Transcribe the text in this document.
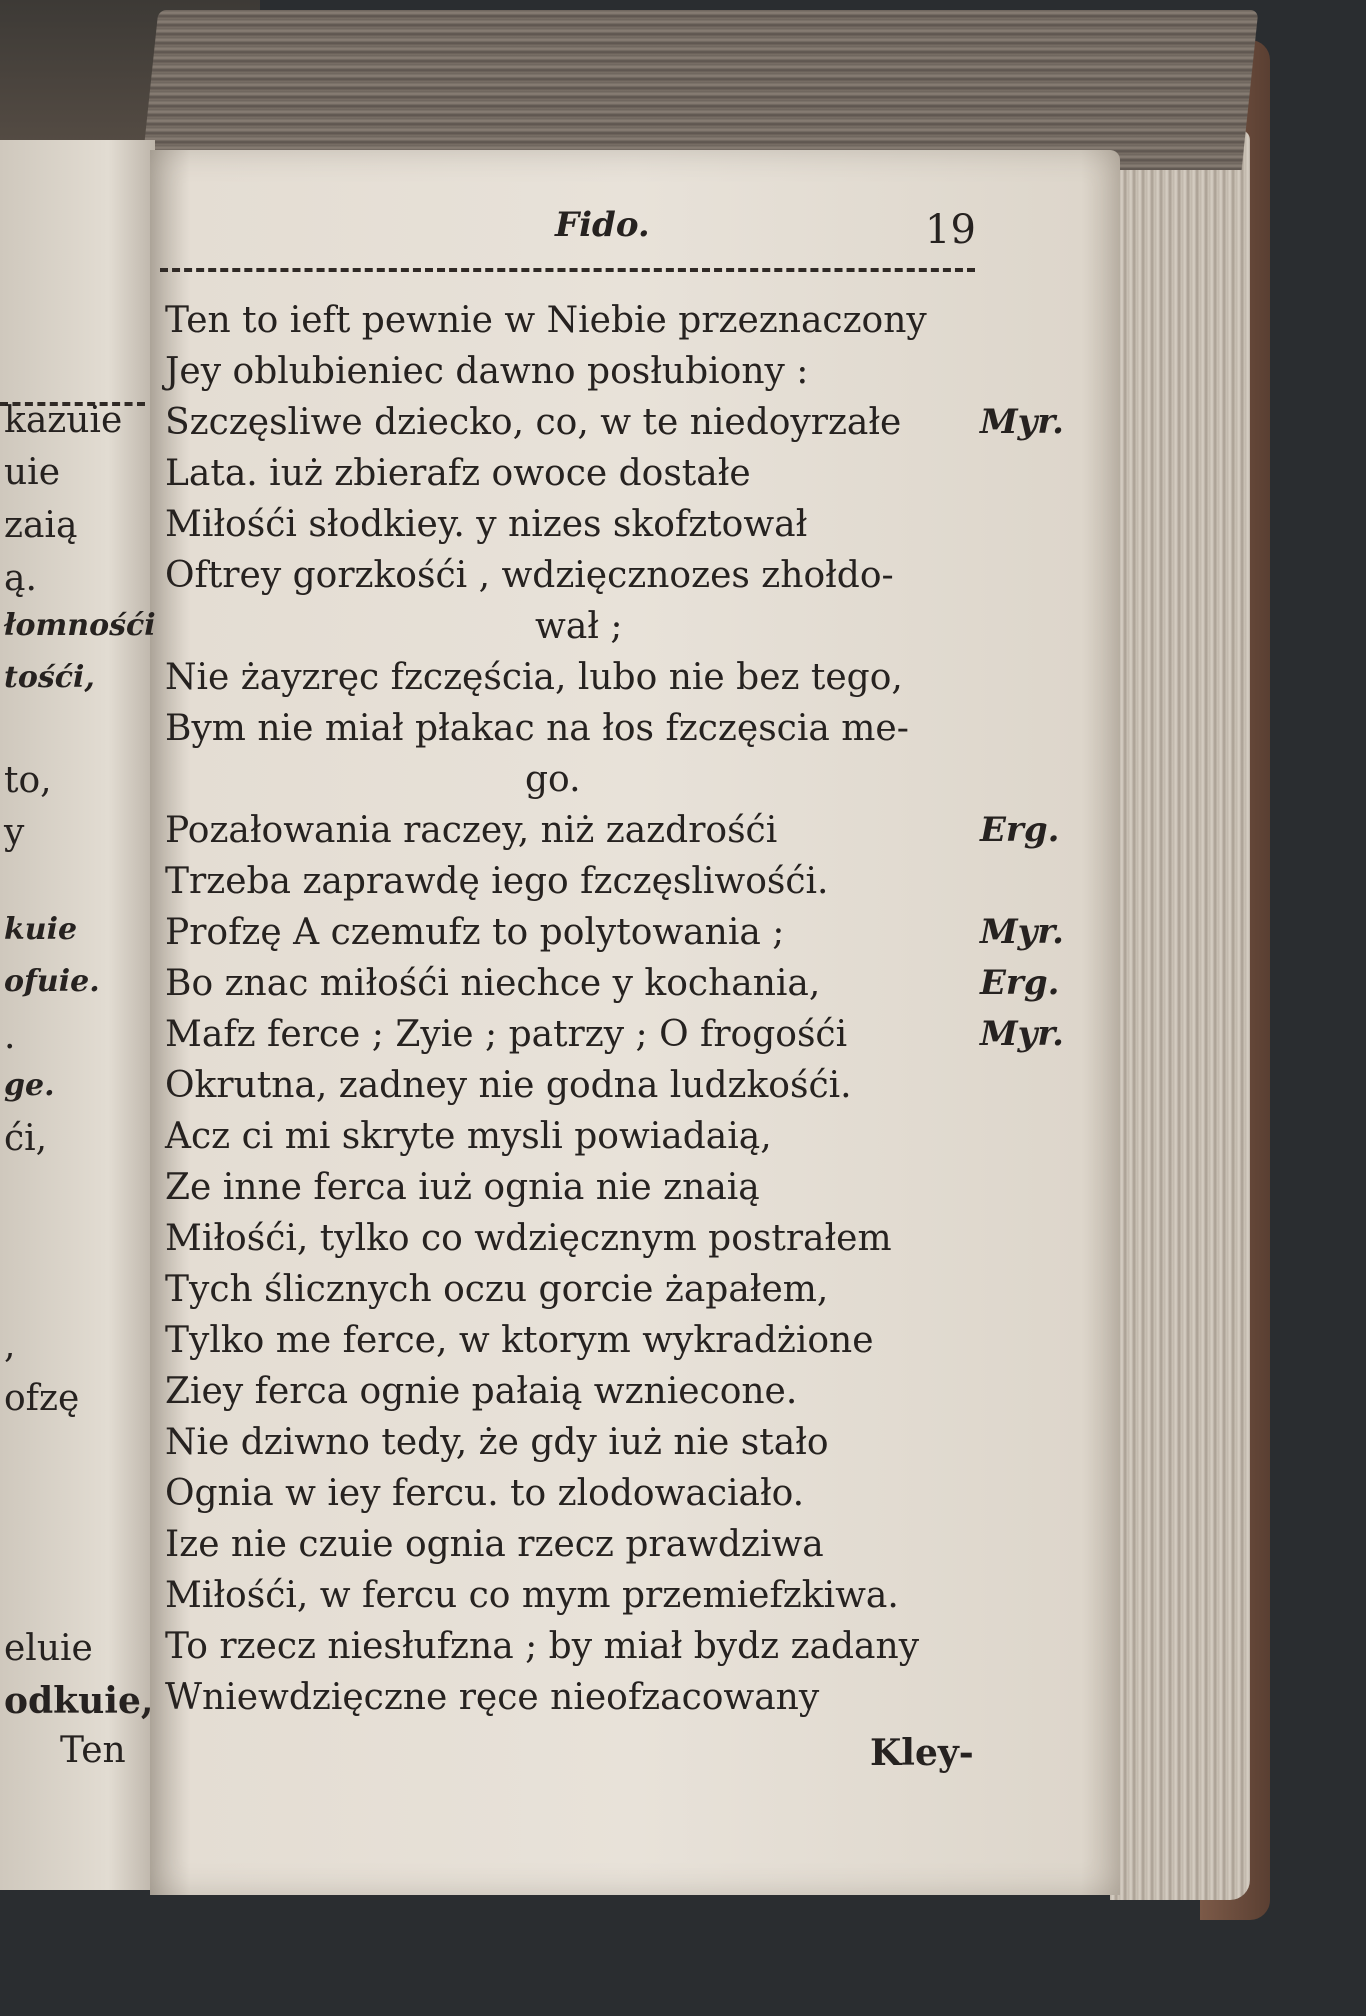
kazuie
uie
zaią
ą.
łomnośći
tośći,
to,
y
kuie
ofuie.
.
ge.
ći,
,
ofzę
eluie
odkuie,
Ten
Fido.	19
Ten to ieft pewnie w Niebie przeznaczony
Jey oblubieniec dawno posłubiony :
Szczęsliwe dziecko, co, w te niedoyrzałe Myr.
Lata. iuż zbierafz owoce dostałe
Miłośći słodkiey. y nizes skofztował
Oftrey gorzkośći , wdzięcznozes zhołdo-
wał ;
Nie żayzręc fzczęścia, lubo nie bez tego,
Bym nie miał płakac na łos fzczęscia me-
go.
Pozałowania raczey, niż zazdrośći	Erg.
Trzeba zaprawdę iego fzczęsliwośći.
Profzę A czemufz to polytowania ;	Myr.
Bo znac miłośći niechce y kochania,	Erg.
Mafz ferce ; Zyie ; patrzy ; O frogośći	Myr.
Okrutna, zadney nie godna ludzkośći.
Acz ci mi skryte mysli powiadaią,
Ze inne ferca iuż ognia nie znaią
Miłośći, tylko co wdzięcznym postrałem
Tych ślicznych oczu gorcie żapałem,
Tylko me ferce, w ktorym wykradżione
Ziey ferca ognie pałaią wzniecone.
Nie dziwno tedy, że gdy iuż nie stało
Ognia w iey fercu. to zlodowaciało.
Ize nie czuie ognia rzecz prawdziwa
Miłośći, w fercu co mym przemiefzkiwa.
To rzecz niesłufzna ; by miał bydz zadany
Wniewdzięczne ręce nieofzacowany
Kley-
